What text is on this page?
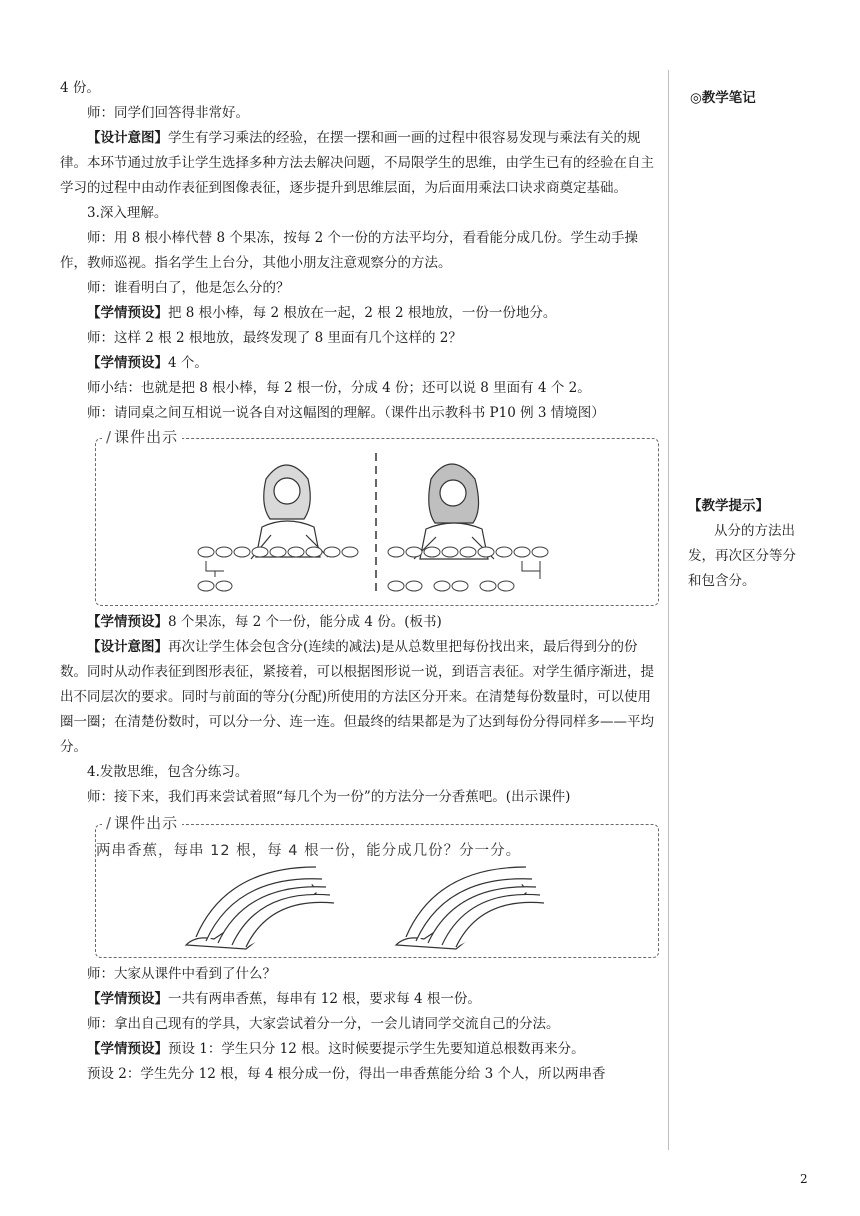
4 份。

师：同学们回答得非常好。

【设计意图】学生有学习乘法的经验，在摆一摆和画一画的过程中很容易发现与乘法有关的规律。本环节通过放手让学生选择多种方法去解决问题，不局限学生的思维，由学生已有的经验在自主学习的过程中由动作表征到图像表征，逐步提升到思维层面，为后面用乘法口诀求商奠定基础。

3.深入理解。

师：用 8 根小棒代替 8 个果冻，按每 2 个一份的方法平均分，看看能分成几份。学生动手操作，教师巡视。指名学生上台分，其他小朋友注意观察分的方法。

师：谁看明白了，他是怎么分的？

【学情预设】把 8 根小棒，每 2 根放在一起，2 根 2 根地放，一份一份地分。

师：这样 2 根 2 根地放，最终发现了 8 里面有几个这样的 2？

【学情预设】4 个。

师小结：也就是把 8 根小棒，每 2 根一份，分成 4 份；还可以说 8 里面有 4 个 2。

师：请同桌之间互相说一说各自对这幅图的理解。（课件出示教科书 P10 例 3 情境图）

∕ 课件出示

【学情预设】8 个果冻，每 2 个一份，能分成 4 份。(板书)

【设计意图】再次让学生体会包含分(连续的减法)是从总数里把每份找出来，最后得到分的份数。同时从动作表征到图形表征，紧接着，可以根据图形说一说，到语言表征。对学生循序渐进，提出不同层次的要求。同时与前面的等分(分配)所使用的方法区分开来。在清楚每份数量时，可以使用圈一圈；在清楚份数时，可以分一分、连一连。但最终的结果都是为了达到每份分得同样多——平均分。

4.发散思维，包含分练习。

师：接下来，我们再来尝试着照“每几个为一份”的方法分一分香蕉吧。(出示课件)

∕ 课件出示
两串香蕉，每串 12 根，每 4 根一份，能分成几份？分一分。

师：大家从课件中看到了什么？

【学情预设】一共有两串香蕉，每串有 12 根，要求每 4 根一份。

师：拿出自己现有的学具，大家尝试着分一分，一会儿请同学交流自己的分法。

【学情预设】预设 1：学生只分 12 根。这时候要提示学生先要知道总根数再来分。

预设 2：学生先分 12 根，每 4 根分成一份，得出一串香蕉能分给 3 个人，所以两串香

◎教学笔记
【教学提示】
从分的方法出发，再次区分等分和包含分。
2
